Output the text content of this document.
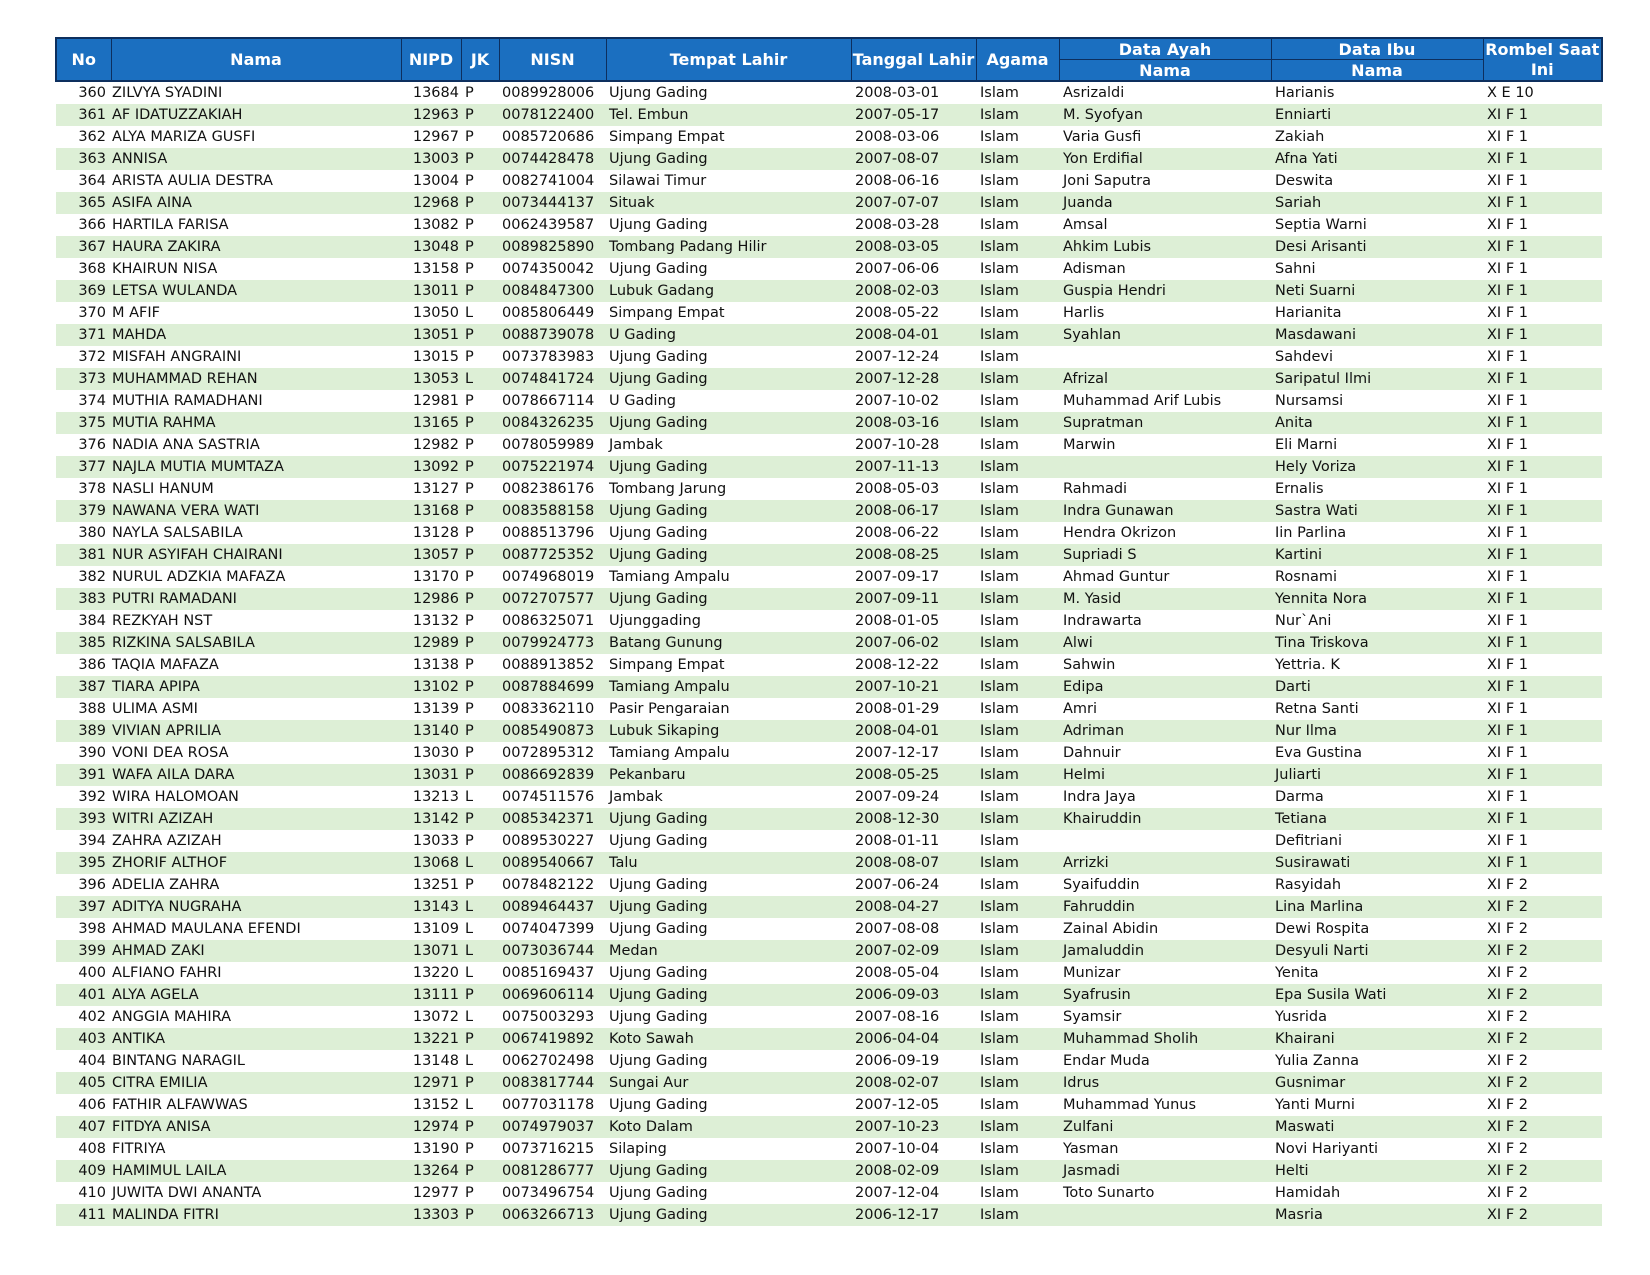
No	Nama	NIPD	JK	NISN	Tempat Lahir	Tanggal Lahir	Agama	Data Ayah	Data Ibu	Rombel Saat Ini
								Nama	Nama	
360	ZILVYA SYADINI	13684	P	0089928006	Ujung Gading	2008-03-01	Islam	Asrizaldi	Harianis	X E 10
361	AF IDATUZZAKIAH	12963	P	0078122400	Tel. Embun	2007-05-17	Islam	M. Syofyan	Enniarti	XI F 1
362	ALYA MARIZA GUSFI	12967	P	0085720686	Simpang Empat	2008-03-06	Islam	Varia Gusfi	Zakiah	XI F 1
363	ANNISA	13003	P	0074428478	Ujung Gading	2007-08-07	Islam	Yon Erdifial	Afna Yati	XI F 1
364	ARISTA AULIA DESTRA	13004	P	0082741004	Silawai Timur	2008-06-16	Islam	Joni Saputra	Deswita	XI F 1
365	ASIFA AINA	12968	P	0073444137	Situak	2007-07-07	Islam	Juanda	Sariah	XI F 1
366	HARTILA FARISA	13082	P	0062439587	Ujung Gading	2008-03-28	Islam	Amsal	Septia Warni	XI F 1
367	HAURA ZAKIRA	13048	P	0089825890	Tombang Padang Hilir	2008-03-05	Islam	Ahkim Lubis	Desi Arisanti	XI F 1
368	KHAIRUN NISA	13158	P	0074350042	Ujung Gading	2007-06-06	Islam	Adisman	Sahni	XI F 1
369	LETSA WULANDA	13011	P	0084847300	Lubuk Gadang	2008-02-03	Islam	Guspia Hendri	Neti Suarni	XI F 1
370	M AFIF	13050	L	0085806449	Simpang Empat	2008-05-22	Islam	Harlis	Harianita	XI F 1
371	MAHDA	13051	P	0088739078	U Gading	2008-04-01	Islam	Syahlan	Masdawani	XI F 1
372	MISFAH ANGRAINI	13015	P	0073783983	Ujung Gading	2007-12-24	Islam		Sahdevi	XI F 1
373	MUHAMMAD REHAN	13053	L	0074841724	Ujung Gading	2007-12-28	Islam	Afrizal	Saripatul Ilmi	XI F 1
374	MUTHIA RAMADHANI	12981	P	0078667114	U Gading	2007-10-02	Islam	Muhammad Arif Lubis	Nursamsi	XI F 1
375	MUTIA RAHMA	13165	P	0084326235	Ujung Gading	2008-03-16	Islam	Supratman	Anita	XI F 1
376	NADIA ANA SASTRIA	12982	P	0078059989	Jambak	2007-10-28	Islam	Marwin	Eli Marni	XI F 1
377	NAJLA MUTIA MUMTAZA	13092	P	0075221974	Ujung Gading	2007-11-13	Islam		Hely Voriza	XI F 1
378	NASLI HANUM	13127	P	0082386176	Tombang Jarung	2008-05-03	Islam	Rahmadi	Ernalis	XI F 1
379	NAWANA VERA WATI	13168	P	0083588158	Ujung Gading	2008-06-17	Islam	Indra Gunawan	Sastra Wati	XI F 1
380	NAYLA SALSABILA	13128	P	0088513796	Ujung Gading	2008-06-22	Islam	Hendra Okrizon	Iin Parlina	XI F 1
381	NUR ASYIFAH CHAIRANI	13057	P	0087725352	Ujung Gading	2008-08-25	Islam	Supriadi S	Kartini	XI F 1
382	NURUL ADZKIA MAFAZA	13170	P	0074968019	Tamiang Ampalu	2007-09-17	Islam	Ahmad Guntur	Rosnami	XI F 1
383	PUTRI RAMADANI	12986	P	0072707577	Ujung Gading	2007-09-11	Islam	M. Yasid	Yennita Nora	XI F 1
384	REZKYAH NST	13132	P	0086325071	Ujunggading	2008-01-05	Islam	Indrawarta	Nur`Ani	XI F 1
385	RIZKINA SALSABILA	12989	P	0079924773	Batang Gunung	2007-06-02	Islam	Alwi	Tina Triskova	XI F 1
386	TAQIA MAFAZA	13138	P	0088913852	Simpang Empat	2008-12-22	Islam	Sahwin	Yettria. K	XI F 1
387	TIARA APIPA	13102	P	0087884699	Tamiang Ampalu	2007-10-21	Islam	Edipa	Darti	XI F 1
388	ULIMA ASMI	13139	P	0083362110	Pasir Pengaraian	2008-01-29	Islam	Amri	Retna Santi	XI F 1
389	VIVIAN APRILIA	13140	P	0085490873	Lubuk Sikaping	2008-04-01	Islam	Adriman	Nur Ilma	XI F 1
390	VONI DEA ROSA	13030	P	0072895312	Tamiang Ampalu	2007-12-17	Islam	Dahnuir	Eva Gustina	XI F 1
391	WAFA AILA DARA	13031	P	0086692839	Pekanbaru	2008-05-25	Islam	Helmi	Juliarti	XI F 1
392	WIRA HALOMOAN	13213	L	0074511576	Jambak	2007-09-24	Islam	Indra Jaya	Darma	XI F 1
393	WITRI AZIZAH	13142	P	0085342371	Ujung Gading	2008-12-30	Islam	Khairuddin	Tetiana	XI F 1
394	ZAHRA AZIZAH	13033	P	0089530227	Ujung Gading	2008-01-11	Islam		Defitriani	XI F 1
395	ZHORIF ALTHOF	13068	L	0089540667	Talu	2008-08-07	Islam	Arrizki	Susirawati	XI F 1
396	ADELIA ZAHRA	13251	P	0078482122	Ujung Gading	2007-06-24	Islam	Syaifuddin	Rasyidah	XI F 2
397	ADITYA NUGRAHA	13143	L	0089464437	Ujung Gading	2008-04-27	Islam	Fahruddin	Lina Marlina	XI F 2
398	AHMAD MAULANA EFENDI	13109	L	0074047399	Ujung Gading	2007-08-08	Islam	Zainal Abidin	Dewi Rospita	XI F 2
399	AHMAD ZAKI	13071	L	0073036744	Medan	2007-02-09	Islam	Jamaluddin	Desyuli Narti	XI F 2
400	ALFIANO FAHRI	13220	L	0085169437	Ujung Gading	2008-05-04	Islam	Munizar	Yenita	XI F 2
401	ALYA AGELA	13111	P	0069606114	Ujung Gading	2006-09-03	Islam	Syafrusin	Epa Susila Wati	XI F 2
402	ANGGIA MAHIRA	13072	L	0075003293	Ujung Gading	2007-08-16	Islam	Syamsir	Yusrida	XI F 2
403	ANTIKA	13221	P	0067419892	Koto Sawah	2006-04-04	Islam	Muhammad Sholih	Khairani	XI F 2
404	BINTANG NARAGIL	13148	L	0062702498	Ujung Gading	2006-09-19	Islam	Endar Muda	Yulia Zanna	XI F 2
405	CITRA EMILIA	12971	P	0083817744	Sungai Aur	2008-02-07	Islam	Idrus	Gusnimar	XI F 2
406	FATHIR ALFAWWAS	13152	L	0077031178	Ujung Gading	2007-12-05	Islam	Muhammad Yunus	Yanti Murni	XI F 2
407	FITDYA ANISA	12974	P	0074979037	Koto Dalam	2007-10-23	Islam	Zulfani	Maswati	XI F 2
408	FITRIYA	13190	P	0073716215	Silaping	2007-10-04	Islam	Yasman	Novi Hariyanti	XI F 2
409	HAMIMUL LAILA	13264	P	0081286777	Ujung Gading	2008-02-09	Islam	Jasmadi	Helti	XI F 2
410	JUWITA DWI ANANTA	12977	P	0073496754	Ujung Gading	2007-12-04	Islam	Toto Sunarto	Hamidah	XI F 2
411	MALINDA FITRI	13303	P	0063266713	Ujung Gading	2006-12-17	Islam		Masria	XI F 2
